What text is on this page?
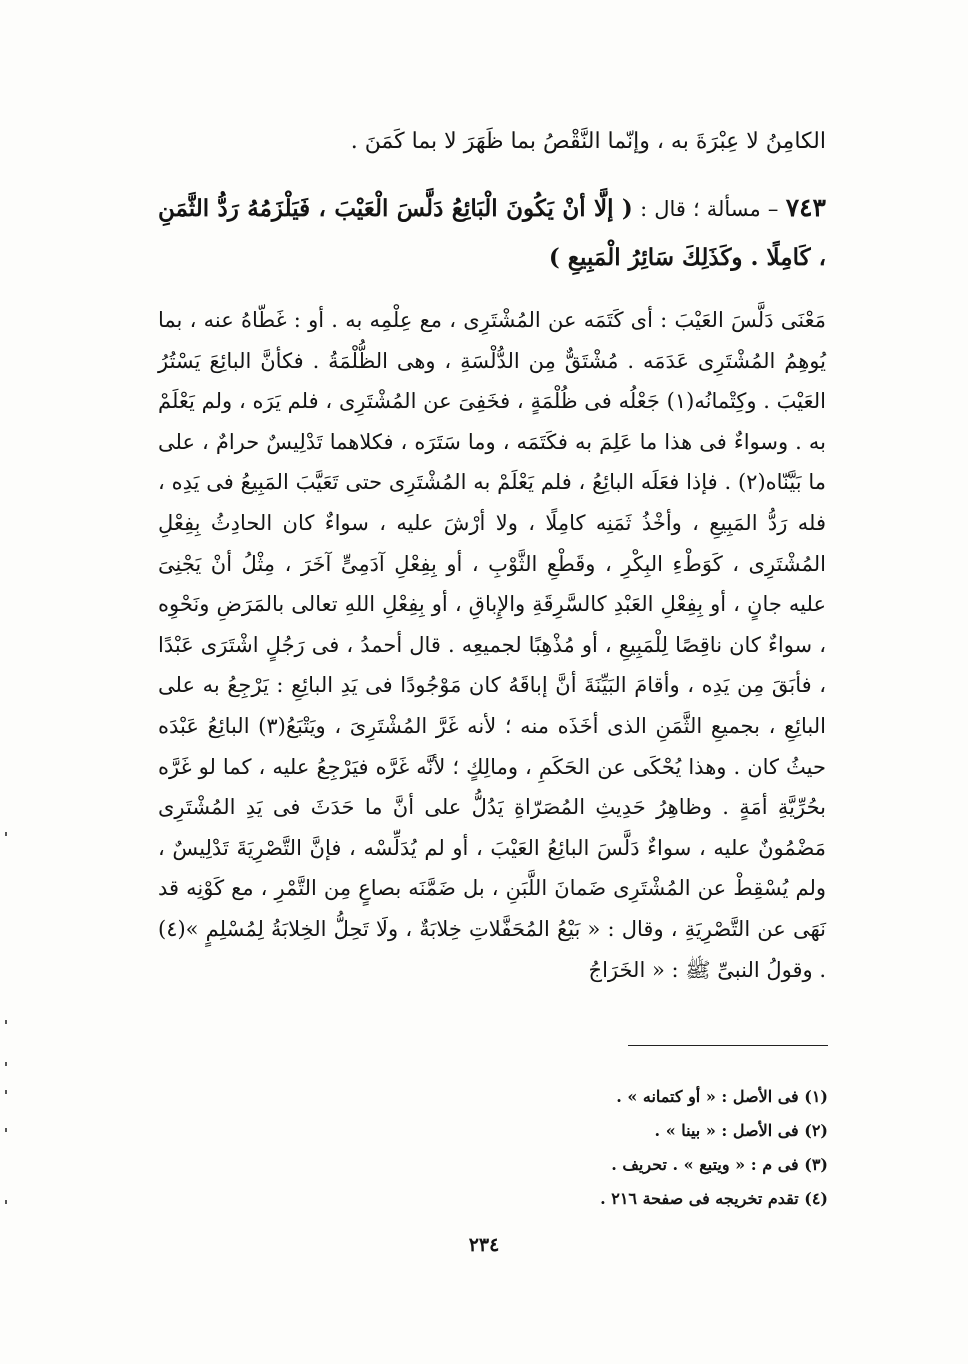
الكامِنُ لا عِبْرَةَ به ، وإنّما النَّقْصُ بما ظَهَرَ لا بما كَمَنَ .
٧٤٣ – مسألة ؛ قال : ( إلَّا أنْ يَكُونَ الْبَائِعُ دَلَّسَ الْعَيْبَ ، فَيَلْزَمُهُ رَدُّ الثَّمَنِ ، كَامِلًا . وكَذَلِكَ سَائِرُ الْمَبِيعِ )
مَعْنَى دَلَّسَ العَيْبَ : أى كَتَمَه عن المُشْتَرِى ، مع عِلْمِه به . أو : غَطّاهُ عنه ، بما يُوهِمُ المُشْتَرِى عَدَمَه . مُشْتَقٌّ مِن الدُّلْسَةِ ، وهى الظُّلْمَةُ . فكأنَّ البائِعَ يَسْتُرُ العَيْبَ . وكِتْمانُه(١) جَعْلُه فى ظُلْمَةٍ ، فخَفِىَ عن المُشْتَرِى ، فلم يَرَه ، ولم يَعْلَمْ به . وسواءٌ فى هذا ما عَلِمَ به فكَتَمَه ، وما سَتَرَه ، فكلاهما تَدْلِيسٌ حرامٌ ، على ما بَيَّنّاه(٢) . فإذا فعَلَه البائِعُ ، فلم يَعْلَمْ به المُشْتَرِى حتى تَعَيَّبَ المَبِيعُ فى يَدِه ، فله رَدُّ المَبِيعِ ، وأخْذُ ثَمَنِه كامِلًا ، ولا أرْشَ عليه ، سواءٌ كان الحادِثُ بِفِعْلِ المُشْتَرِى ، كَوَطْءِ البِكْرِ ، وقَطْعِ الثَّوْبِ ، أو بِفِعْلِ آدَمِىٍّ آخَرَ ، مِثْلُ أنْ يَجْنِىَ عليه جانٍ ، أو بِفِعْلِ العَبْدِ كالسَّرِقَةِ والإِباقِ ، أو بِفِعْلِ اللهِ تعالى بالمَرَضِ ونَحْوِه ، سواءٌ كان ناقِصًا لِلْمَبِيعِ ، أو مُذْهِبًا لجميعِه . قال أحمدُ ، فى رَجُلٍ اشْتَرَى عَبْدًا ، فأبَقَ مِن يَدِه ، وأقامَ البَيِّنَةَ أنَّ إباقَهُ كان مَوْجُودًا فى يَدِ البائِعِ : يَرْجِعُ به على البائِعِ ، بجميعِ الثَّمَنِ الذى أخَذَه منه ؛ لأنه غَرَّ المُشْتَرِىَ ، ويَتْبَعُ(٣) البائِعُ عَبْدَه حيثُ كان . وهذا يُحْكَى عن الحَكَمِ ، ومالِكٍ ؛ لأنَّه غَرَّه فيَرْجِعُ عليه ، كما لو غَرَّه بحُرِّيَّةِ أمَةٍ . وظاهِرُ حَدِيثِ المُصَرّاةِ يَدُلُّ على أنَّ ما حَدَثَ فى يَدِ المُشْتَرِى مَضْمُونٌ عليه ، سواءٌ دَلَّسَ البائِعُ العَيْبَ ، أو لم يُدَلِّسْه ، فإنَّ التَّصْرِيَةَ تَدْلِيسٌ ، ولم يُسْقِطْ عن المُشْتَرِى ضَمانَ اللَّبَنِ ، بل ضَمَّنَه بصاعٍ مِن التَّمْرِ ، مع كَوْنِه قد نَهَى عن التَّصْرِيَةِ ، وقال : « بَيْعُ المُحَفَّلاتِ خِلابَةٌ ، ولَا تَحِلُّ الخِلابَةُ لِمُسْلِمٍ »(٤) . وقولُ النبىِّ ﷺ : « الخَرَاجُ
(١) فى الأصل : « أو كتمانه » .
(٢) فى الأصل : « بينا » .
(٣) فى م : « ويتبع » . تحريف .
(٤) تقدم تخريجه فى صفحة ٢١٦ .
٢٣٤
